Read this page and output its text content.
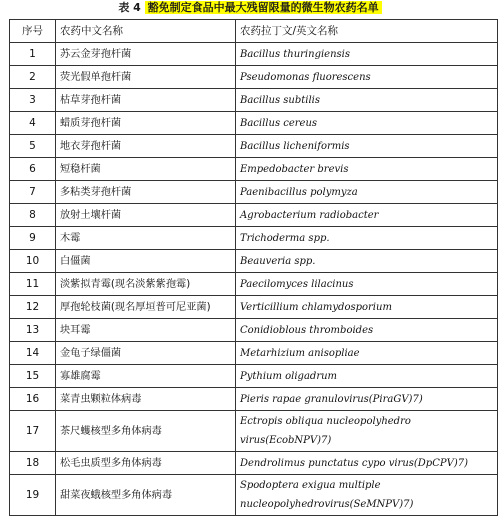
表 4 豁免制定食品中最大残留限量的微生物农药名单
序号	农药中文名称	农药拉丁文/英文名称
1	苏云金芽孢杆菌	Bacillus thuringiensis
2	荧光假单孢杆菌	Pseudomonas fluorescens
3	枯草芽孢杆菌	Bacillus subtilis
4	蜡质芽孢杆菌	Bacillus cereus
5	地衣芽孢杆菌	Bacillus licheniformis
6	短稳杆菌	Empedobacter brevis
7	多粘类芽孢杆菌	Paenibacillus polymyza
8	放射土壤杆菌	Agrobacterium radiobacter
9	木霉	Trichoderma spp.
10	白僵菌	Beauveria spp.
11	淡紫拟青霉(现名淡紫紫孢霉)	Paecilomyces lilacinus
12	厚孢轮枝菌(现名厚垣普可尼亚菌)	Verticillium chlamydosporium
13	块耳霉	Conidioblous thromboides
14	金龟子绿僵菌	Metarhizium anisopliae
15	寡雄腐霉	Pythium oligadrum
16	菜青虫颗粒体病毒	Pieris rapae granulovirus(PiraGV)7)
17	茶尺蠖核型多角体病毒	Ectropis obliqua nucleopolyhedro virus(EcobNPV)7)
18	松毛虫质型多角体病毒	Dendrolimus punctatus cypo virus(DpCPV)7)
19	甜菜夜蛾核型多角体病毒	Spodoptera exigua multiple nucleopolyhedrovirus(SeMNPV)7)
